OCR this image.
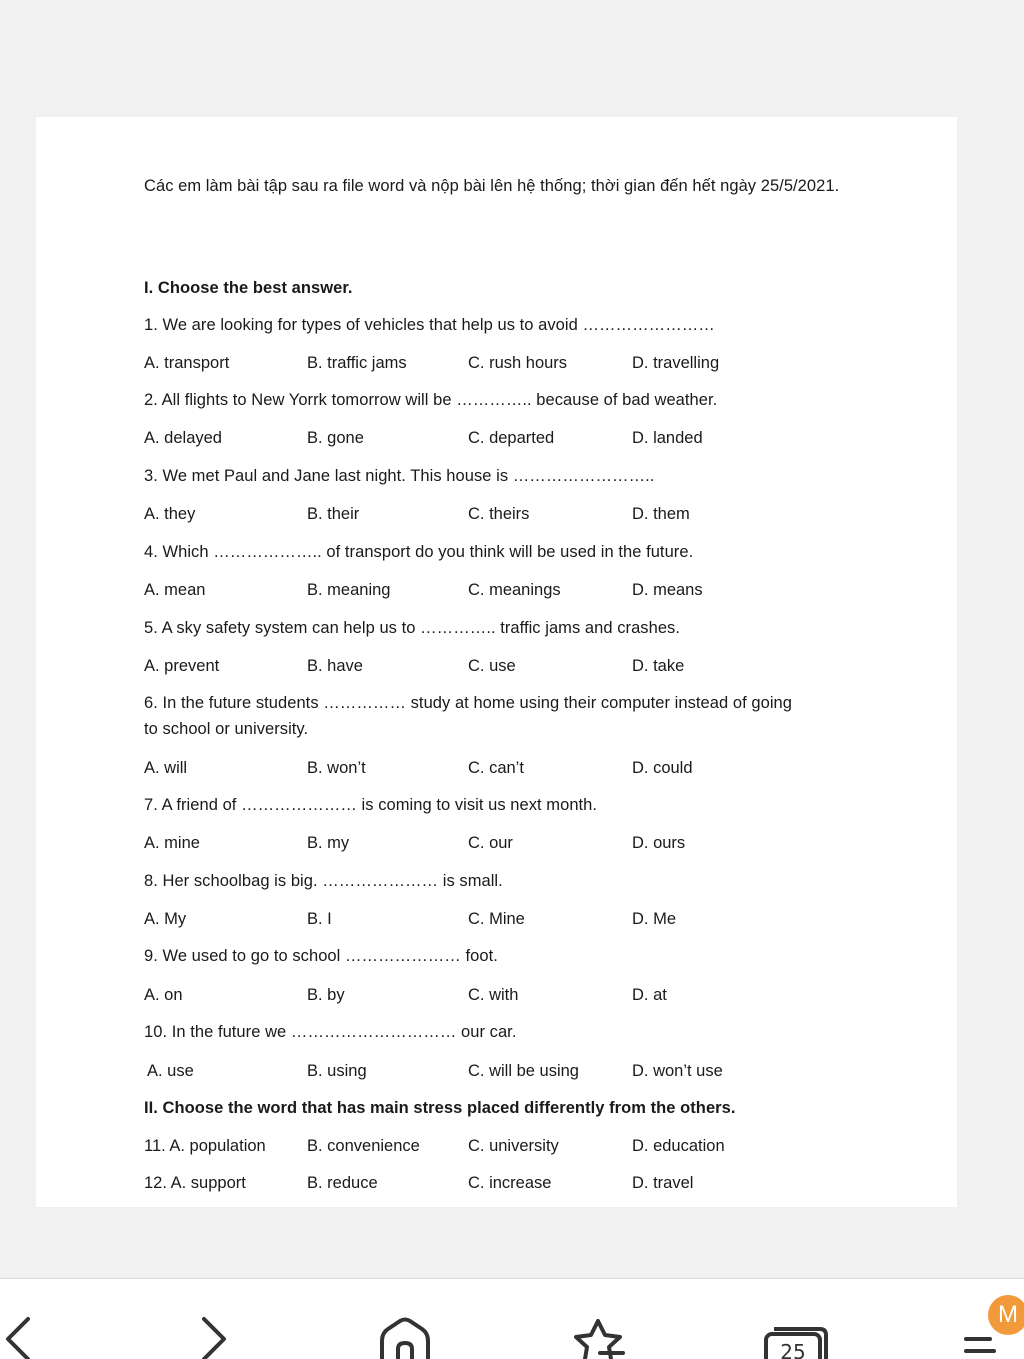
Các em làm bài tập sau ra file word và nộp bài lên hệ thống; thời gian đến hết ngày 25/5/2021.
I. Choose the best answer.
1. We are looking for types of vehicles that help us to avoid ……………………
A. transport	B. traffic jams	C. rush hours	D. travelling
2. All flights to New Yorrk tomorrow will be ………….. because of bad weather.
A. delayed	B. gone	C. departed	D. landed
3. We met Paul and Jane last night. This house is ……………………..
A. they	B. their	C. theirs	D. them
4. Which ……………….. of transport do you think will be used in the future.
A. mean	B. meaning	C. meanings	D. means
5. A sky safety system can help us to ………….. traffic jams and crashes.
A. prevent	B. have	C. use	D. take
6. In the future students …………… study at home using their computer instead of going
to school or university.
A. will	B. won’t	C. can’t	D. could
7. A friend of ………………… is coming to visit us next month.
A. mine	B. my	C. our	D. ours
8. Her schoolbag is big. ………………… is small.
A. My	B. I	C. Mine	D. Me
9. We used to go to school ………………… foot.
A. on	B. by	C. with	D. at
10. In the future we ………………………… our car.
A. use	B. using	C. will be using	D. won’t use
II. Choose the word that has main stress placed differently from the others.
11. A. population	B. convenience	C. university	D. education
12. A. support	B. reduce	C. increase	D. travel
25
M
